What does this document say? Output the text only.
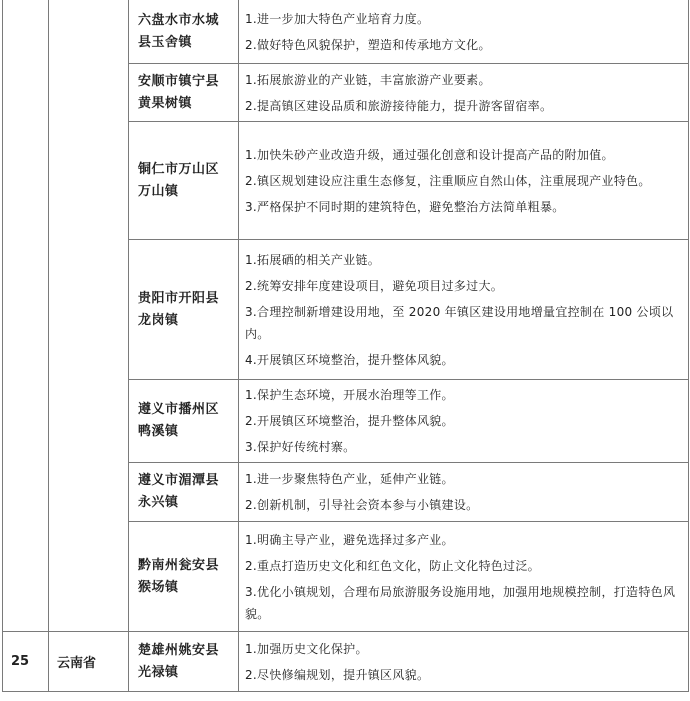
		六盘水市水城县玉舍镇	1.进一步加大特色产业培育力度。

2.做好特色风貌保护，塑造和传承地方文化。

		安顺市镇宁县黄果树镇	1.拓展旅游业的产业链，丰富旅游产业要素。

2.提高镇区建设品质和旅游接待能力，提升游客留宿率。

		铜仁市万山区万山镇	1.加快朱砂产业改造升级，通过强化创意和设计提高产品的附加值。

2.镇区规划建设应注重生态修复，注重顺应自然山体，注重展现产业特色。

3.严格保护不同时期的建筑特色，避免整治方法简单粗暴。

		贵阳市开阳县龙岗镇	1.拓展硒的相关产业链。

2.统筹安排年度建设项目，避免项目过多过大。

3.合理控制新增建设用地，至 2020 年镇区建设用地增量宜控制在 100 公顷以内。

4.开展镇区环境整治，提升整体风貌。

		遵义市播州区鸭溪镇	1.保护生态环境，开展水治理等工作。

2.开展镇区环境整治，提升整体风貌。

3.保护好传统村寨。

		遵义市湄潭县永兴镇	1.进一步聚焦特色产业，延伸产业链。

2.创新机制，引导社会资本参与小镇建设。

		黔南州瓮安县猴场镇	1.明确主导产业，避免选择过多产业。

2.重点打造历史文化和红色文化，防止文化特色过泛。

3.优化小镇规划，合理布局旅游服务设施用地，加强用地规模控制，打造特色风貌。

25	云南省	楚雄州姚安县光禄镇	1.加强历史文化保护。

2.尽快修编规划，提升镇区风貌。
